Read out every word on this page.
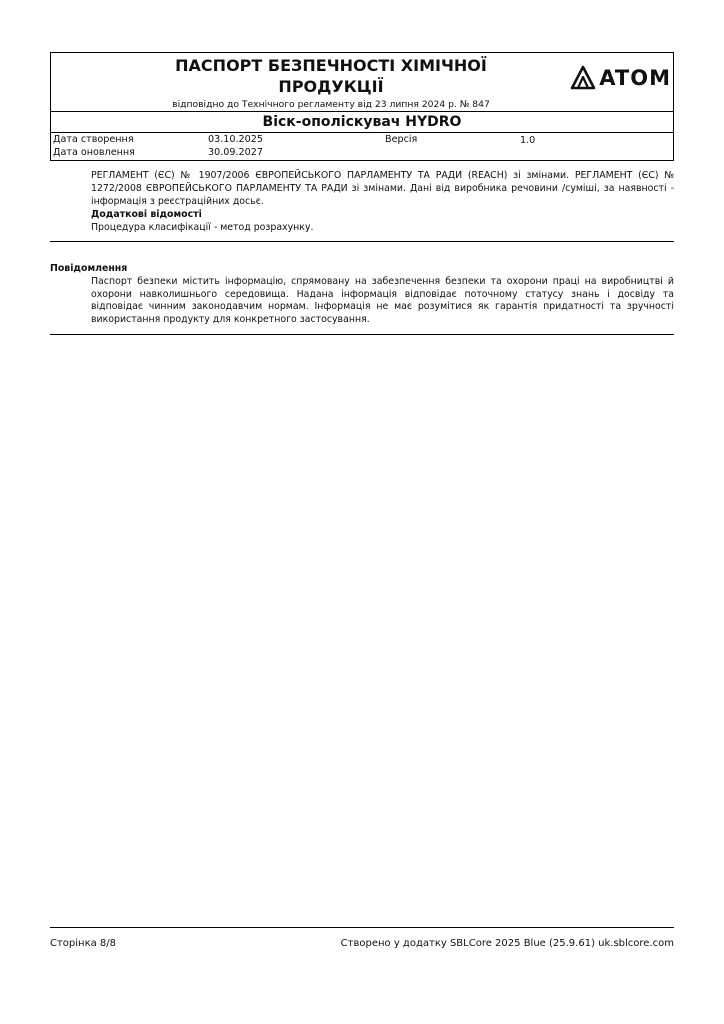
ПАСПОРТ БЕЗПЕЧНОСТІ ХІМІЧНОЇ
ПРОДУКЦІЇ
відповідно до Технічного регламенту від 23 липня 2024 р. № 847
ATOM
Віск-ополіскувач HYDRO
Дата створення	03.10.2025	Версія	1.0
Дата оновлення	30.09.2027
РЕГЛАМЕНТ (ЄС) № 1907/2006 ЄВРОПЕЙСЬКОГО ПАРЛАМЕНТУ ТА РАДИ (REACH) зі змінами. РЕГЛАМЕНТ (ЄС) № 1272/2008 ЄВРОПЕЙСЬКОГО ПАРЛАМЕНТУ ТА РАДИ зі змінами. Дані від виробника речовини /суміші, за наявності - інформація з реєстраційних досьє.
Додаткові відомості
Процедура класифікації - метод розрахунку.
Повідомлення
Паспорт безпеки містить інформацію, спрямовану на забезпечення безпеки та охорони праці на виробництві й охорони навколишнього середовища. Надана інформація відповідає поточному статусу знань і досвіду та відповідає чинним законодавчим нормам. Інформація не має розумітися як гарантія придатності та зручності використання продукту для конкретного застосування.
Сторінка 8/8	Створено у додатку SBLCore 2025 Blue (25.9.61) uk.sblcore.com
